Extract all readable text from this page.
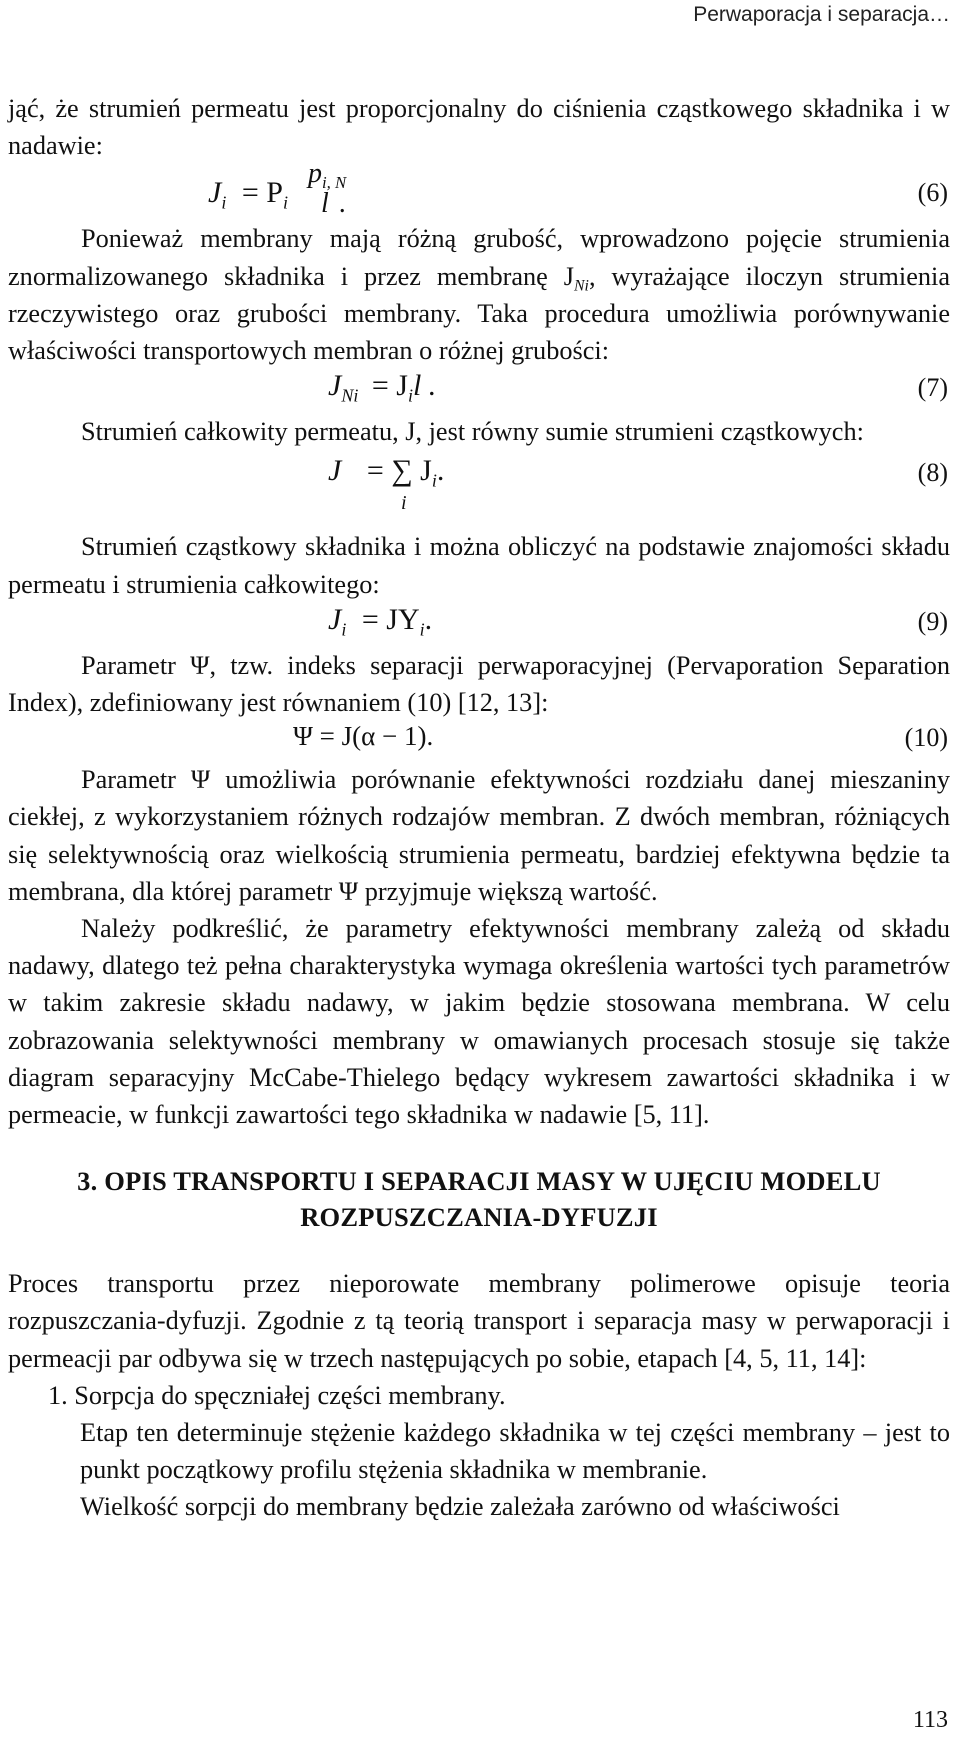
Perwaporacja i separacja…

jąć, że strumień permeatu jest proporcjonalny do ciśnienia cząstkowego składnika i w nadawie:

$J_i = P_i$
$p_{i, N}$
l .	(6)

Ponieważ membrany mają różną grubość, wprowadzono pojęcie strumienia znormalizowanego składnika i przez membranę $J_{Ni}$, wyrażające iloczyn strumienia rzeczywistego oraz grubości membrany. Taka procedura umożliwia porównywanie właściwości transportowych membran o różnej grubości:

$J_{Ni} = J_il$ .	(7)

Strumień całkowity permeatu, J, jest równy sumie strumieni cząstkowych:

J = ∑ $J_i$.
i
(8)

Strumień cząstkowy składnika i można obliczyć na podstawie znajomości składu permeatu i strumienia całkowitego:

$J_i = JY_i$.	(9)

Parametr Ψ, tzw. indeks separacji perwaporacyjnej (Pervaporation Separation Index), zdefiniowany jest równaniem (10) [12, 13]:

Ψ = J(α − 1).	(10)

Parametr Ψ umożliwia porównanie efektywności rozdziału danej mieszaniny ciekłej, z wykorzystaniem różnych rodzajów membran. Z dwóch membran, różniących się selektywnością oraz wielkością strumienia permeatu, bardziej efektywna będzie ta membrana, dla której parametr Ψ przyjmuje większą wartość.

Należy podkreślić, że parametry efektywności membrany zależą od składu nadawy, dlatego też pełna charakterystyka wymaga określenia wartości tych parametrów w takim zakresie składu nadawy, w jakim będzie stosowana membrana. W celu zobrazowania selektywności membrany w omawianych procesach stosuje się także diagram separacyjny McCabe-Thielego będący wykresem zawartości składnika i w permeacie, w funkcji zawartości tego składnika w nadawie [5, 11].

3. OPIS TRANSPORTU I SEPARACJI MASY W UJĘCIU MODELU ROZPUSZCZANIA-DYFUZJI

Proces transportu przez nieporowate membrany polimerowe opisuje teoria rozpuszczania-dyfuzji. Zgodnie z tą teorią transport i separacja masy w perwaporacji i permeacji par odbywa się w trzech następujących po sobie, etapach [4, 5, 11, 14]:

1. Sorpcja do spęczniałej części membrany.

Etap ten determinuje stężenie każdego składnika w tej części membrany – jest to punkt początkowy profilu stężenia składnika w membranie.

Wielkość sorpcji do membrany będzie zależała zarówno od właściwości

113
